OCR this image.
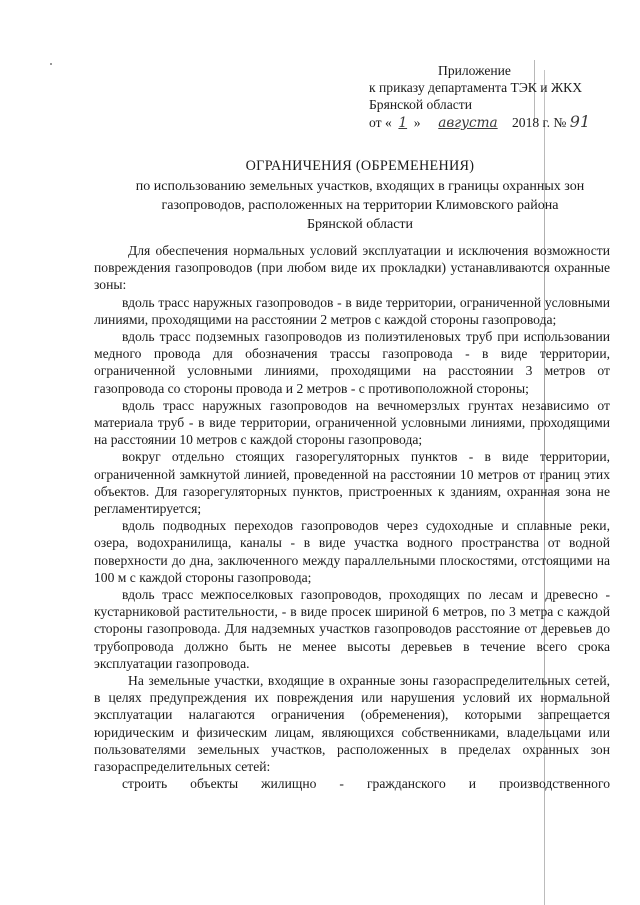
Приложение
к приказу департамента ТЭК и ЖКХ
Брянской области
от « 1 » августа 2018 г. № 91
ОГРАНИЧЕНИЯ (ОБРЕМЕНЕНИЯ)
по использованию земельных участков, входящих в границы охранных зон
газопроводов, расположенных на территории Климовского района
Брянской области

Для обеспечения нормальных условий эксплуатации и исключения возможности повреждения газопроводов (при любом виде их прокладки) устанавливаются охранные зоны:

вдоль трасс наружных газопроводов - в виде территории, ограниченной условными линиями, проходящими на расстоянии 2 метров с каждой стороны газопровода;

вдоль трасс подземных газопроводов из полиэтиленовых труб при использовании медного провода для обозначения трассы газопровода - в виде территории, ограниченной условными линиями, проходящими на расстоянии 3 метров от газопровода со стороны провода и 2 метров - с противоположной стороны;

вдоль трасс наружных газопроводов на вечномерзлых грунтах независимо от материала труб - в виде территории, ограниченной условными линиями, проходящими на расстоянии 10 метров с каждой стороны газопровода;

вокруг отдельно стоящих газорегуляторных пунктов - в виде территории, ограниченной замкнутой линией, проведенной на расстоянии 10 метров от границ этих объектов. Для газорегуляторных пунктов, пристроенных к зданиям, охранная зона не регламентируется;

вдоль подводных переходов газопроводов через судоходные и сплавные реки, озера, водохранилища, каналы - в виде участка водного пространства от водной поверхности до дна, заключенного между параллельными плоскостями, отстоящими на 100 м с каждой стороны газопровода;

вдоль трасс межпоселковых газопроводов, проходящих по лесам и древесно - кустарниковой растительности, - в виде просек шириной 6 метров, по 3 метра с каждой стороны газопровода. Для надземных участков газопроводов расстояние от деревьев до трубопровода должно быть не менее высоты деревьев в течение всего срока эксплуатации газопровода.

На земельные участки, входящие в охранные зоны газораспределительных сетей, в целях предупреждения их повреждения или нарушения условий их нормальной эксплуатации налагаются ограничения (обременения), которыми запрещается юридическим и физическим лицам, являющихся собственниками, владельцами или пользователями земельных участков, расположенных в пределах охранных зон газораспределительных сетей:

строить объекты жилищно - гражданского и производственного
